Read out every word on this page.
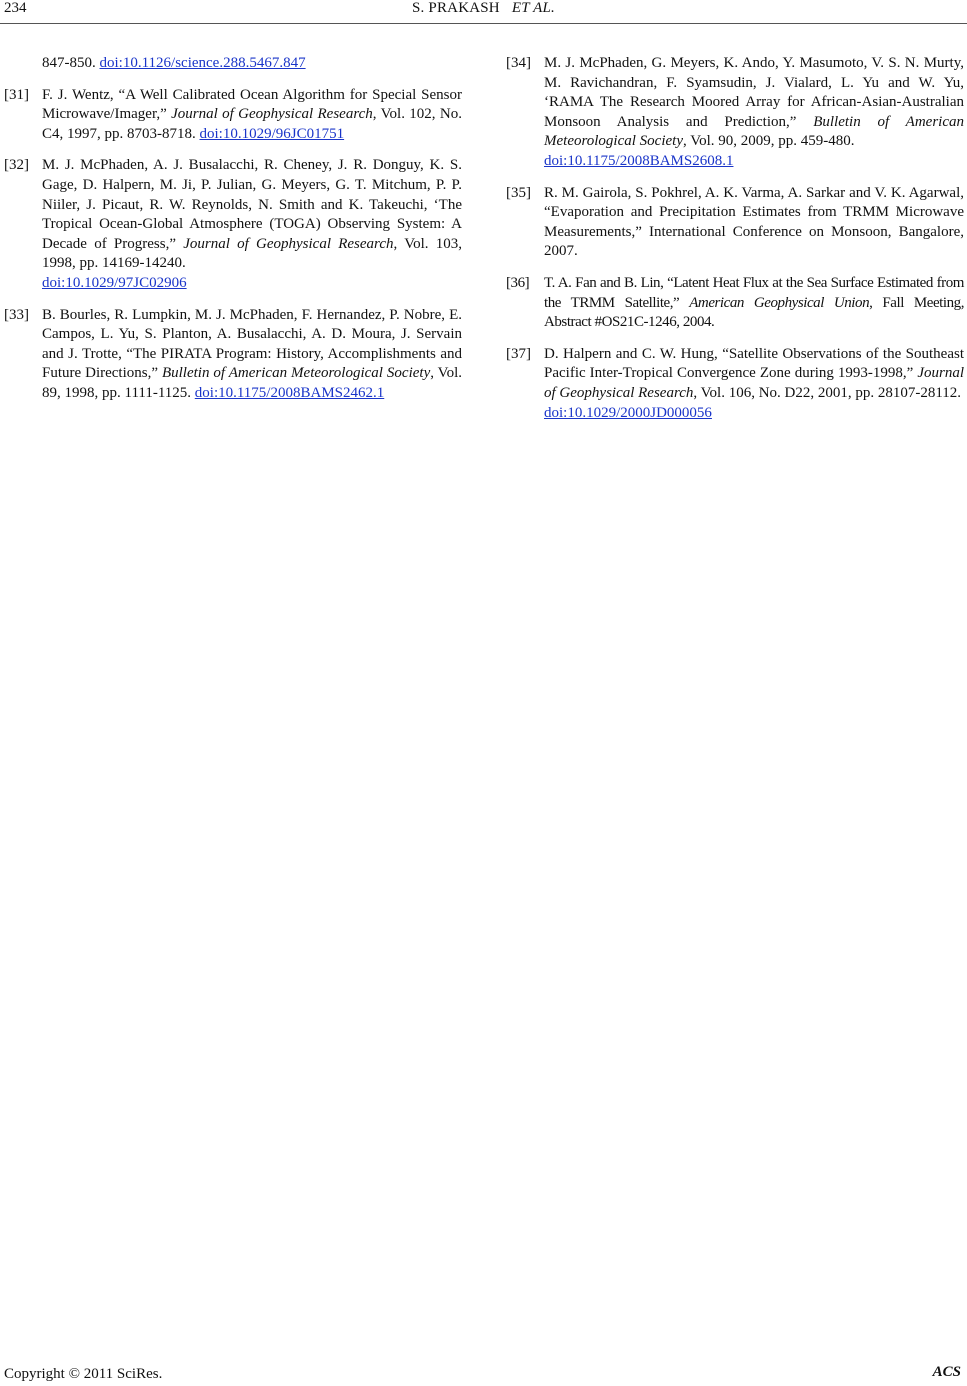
234	S. PRAKASH ET AL.
847-850. doi:10.1126/science.288.5467.847
[31] F. J. Wentz, “A Well Calibrated Ocean Algorithm for Special Sensor Microwave/Imager,” Journal of Geophysical Research, Vol. 102, No. C4, 1997, pp. 8703-8718. doi:10.1029/96JC01751
[32] M. J. McPhaden, A. J. Busalacchi, R. Cheney, J. R. Donguy, K. S. Gage, D. Halpern, M. Ji, P. Julian, G. Meyers, G. T. Mitchum, P. P. Niiler, J. Picaut, R. W. Reynolds, N. Smith and K. Takeuchi, ‘The Tropical Ocean-Global Atmosphere (TOGA) Observing System: A Decade of Progress,” Journal of Geophysical Research, Vol. 103, 1998, pp. 14169-14240.
doi:10.1029/97JC02906
[33] B. Bourles, R. Lumpkin, M. J. McPhaden, F. Hernandez, P. Nobre, E. Campos, L. Yu, S. Planton, A. Busalacchi, A. D. Moura, J. Servain and J. Trotte, “The PIRATA Program: History, Accomplishments and Future Directions,” Bulletin of American Meteorological Society, Vol. 89, 1998, pp. 1111-1125. doi:10.1175/2008BAMS2462.1
[34] M. J. McPhaden, G. Meyers, K. Ando, Y. Masumoto, V. S. N. Murty, M. Ravichandran, F. Syamsudin, J. Vialard, L. Yu and W. Yu, ‘RAMA The Research Moored Array for African-Asian-Australian Monsoon Analysis and Prediction,” Bulletin of American Meteorological Society, Vol. 90, 2009, pp. 459-480.
doi:10.1175/2008BAMS2608.1
[35] R. M. Gairola, S. Pokhrel, A. K. Varma, A. Sarkar and V. K. Agarwal, “Evaporation and Precipitation Estimates from TRMM Microwave Measurements,” International Conference on Monsoon, Bangalore, 2007.
[36] T. A. Fan and B. Lin, “Latent Heat Flux at the Sea Surface Estimated from the TRMM Satellite,” American Geophysical Union, Fall Meeting, Abstract #OS21C-1246, 2004.
[37] D. Halpern and C. W. Hung, “Satellite Observations of the Southeast Pacific Inter-Tropical Convergence Zone during 1993-1998,” Journal of Geophysical Research, Vol. 106, No. D22, 2001, pp. 28107-28112.
doi:10.1029/2000JD000056
Copyright © 2011 SciRes.	ACS
